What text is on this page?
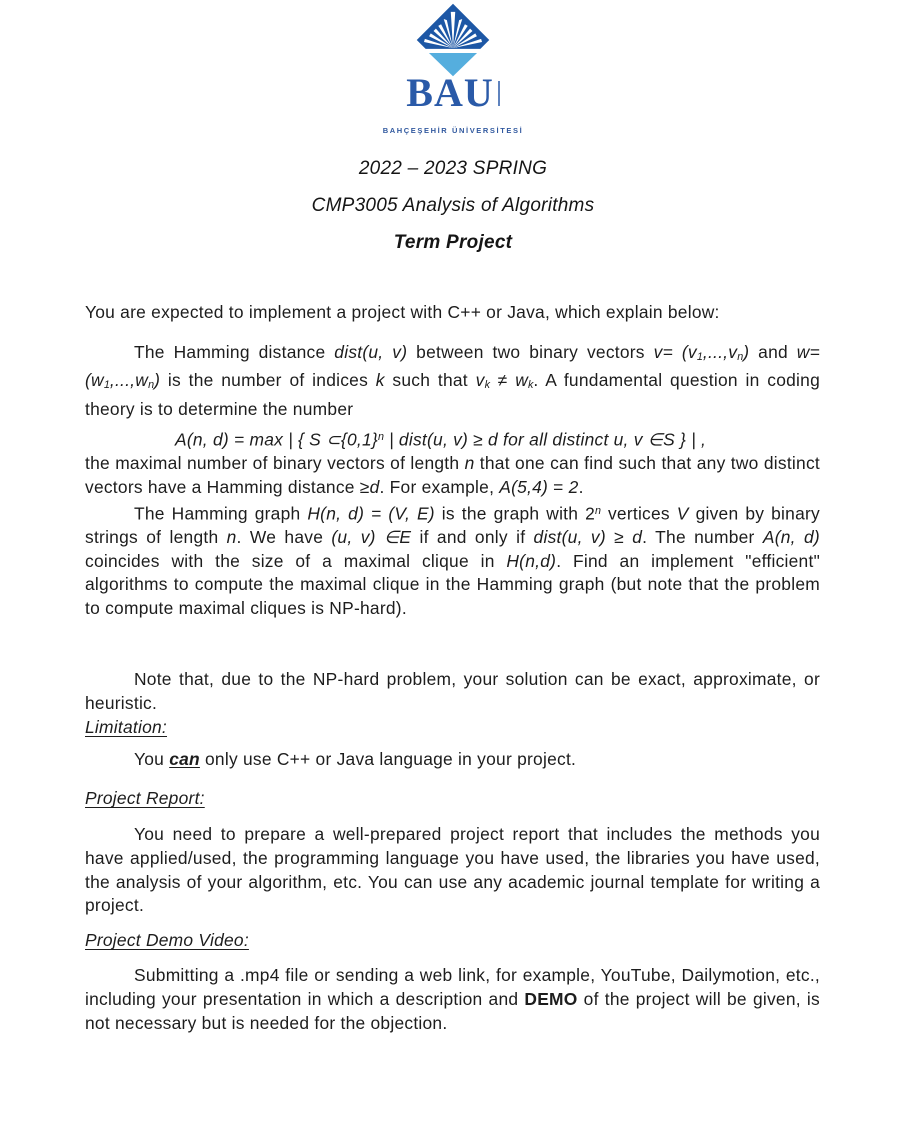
BAU
BAHÇEŞEHİR ÜNİVERSİTESİ

2022 – 2023 SPRING

CMP3005 Analysis of Algorithms

Term Project

You are expected to implement a project with C++ or Java, which explain below:

The Hamming distance dist(u, v) between two binary vectors v= (v1,...,vn) and w= (w1,...,wn) is the number of indices k such that vk ≠ wk. A fundamental question in coding theory is to determine the number

A(n, d) = max | { S $\subset\{0,1\}^n$ | dist(u, v) ≥ d for all distinct u, v ∈S } | ,

the maximal number of binary vectors of length n that one can find such that any two distinct vectors have a Hamming distance ≥d. For example, A(5,4) = 2.

The Hamming graph H(n, d) = (V, E) is the graph with 2$^n$ vertices V given by binary strings of length n. We have (u, v) ∈E if and only if dist(u, v) ≥ d. The number A(n, d) coincides with the size of a maximal clique in H(n,d). Find an implement "efficient" algorithms to compute the maximal clique in the Hamming graph (but note that the problem to compute maximal cliques is NP-hard).

Note that, due to the NP-hard problem, your solution can be exact, approximate, or heuristic.

Limitation:

You can only use C++ or Java language in your project.

Project Report:

You need to prepare a well-prepared project report that includes the methods you have applied/used, the programming language you have used, the libraries you have used, the analysis of your algorithm, etc. You can use any academic journal template for writing a project.

Project Demo Video:

Submitting a .mp4 file or sending a web link, for example, YouTube, Dailymotion, etc., including your presentation in which a description and DEMO of the project will be given, is not necessary but is needed for the objection.
